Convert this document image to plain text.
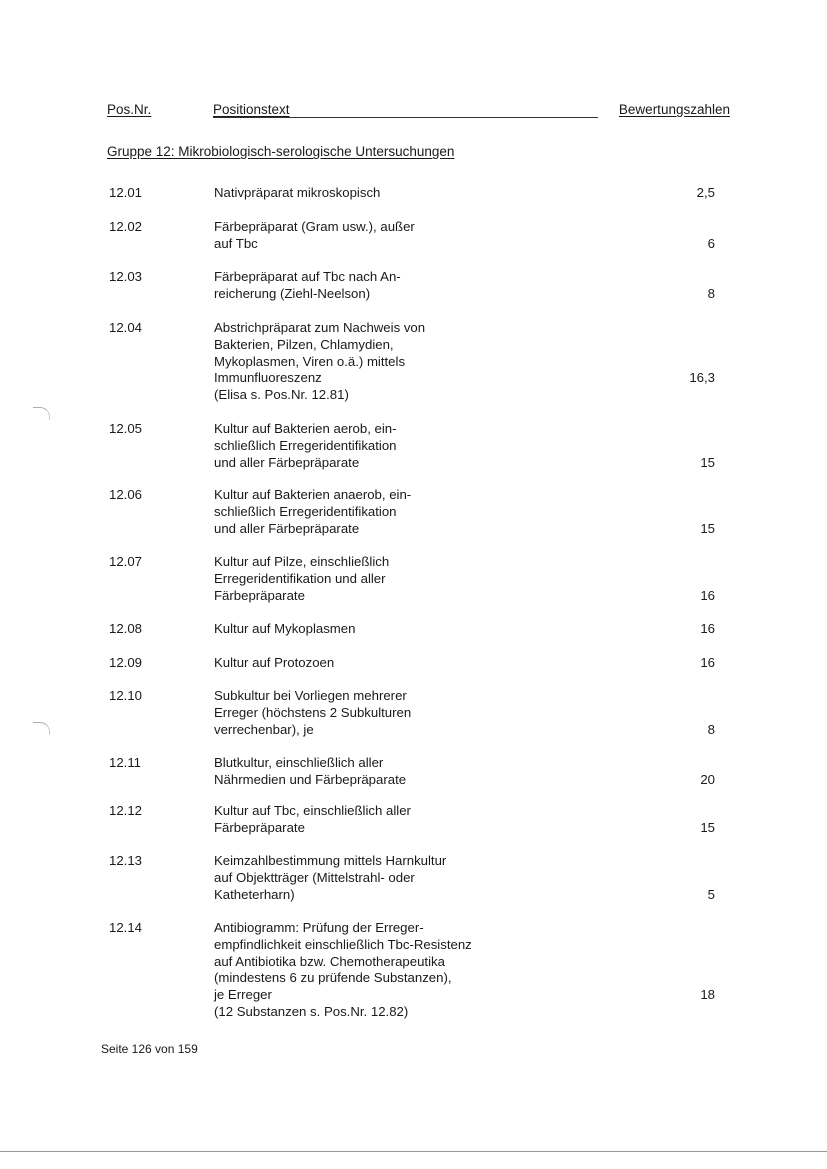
Pos.Nr.	Positionstext	Bewertungszahlen
Gruppe 12: Mikrobiologisch-serologische Untersuchungen
12.01	Nativpräparat mikroskopisch	2,5
12.02	Färbepräparat (Gram usw.), außer
auf Tbc	6
12.03	Färbepräparat auf Tbc nach An-
reicherung (Ziehl-Neelson)	8
12.04	Abstrichpräparat zum Nachweis von
Bakterien, Pilzen, Chlamydien,
Mykoplasmen, Viren o.ä.) mittels
Immunfluoreszenz
(Elisa s. Pos.Nr. 12.81)
16,3
12.05	Kultur auf Bakterien aerob, ein-
schließlich Erregeridentifikation
und aller Färbepräparate	15
12.06	Kultur auf Bakterien anaerob, ein-
schließlich Erregeridentifikation
und aller Färbepräparate	15
12.07	Kultur auf Pilze, einschließlich
Erregeridentifikation und aller
Färbepräparate	16
12.08	Kultur auf Mykoplasmen	16
12.09	Kultur auf Protozoen	16
12.10	Subkultur bei Vorliegen mehrerer
Erreger (höchstens 2 Subkulturen
verrechenbar), je	8
12.11	Blutkultur, einschließlich aller
Nährmedien und Färbepräparate	20
12.12	Kultur auf Tbc, einschließlich aller
Färbepräparate	15
12.13	Keimzahlbestimmung mittels Harnkultur
auf Objektträger (Mittelstrahl- oder
Katheterharn)	5
12.14	Antibiogramm: Prüfung der Erreger-
empfindlichkeit einschließlich Tbc-Resistenz
auf Antibiotika bzw. Chemotherapeutika
(mindestens 6 zu prüfende Substanzen),
je Erreger
(12 Substanzen s. Pos.Nr. 12.82)
18
Seite 126 von 159
